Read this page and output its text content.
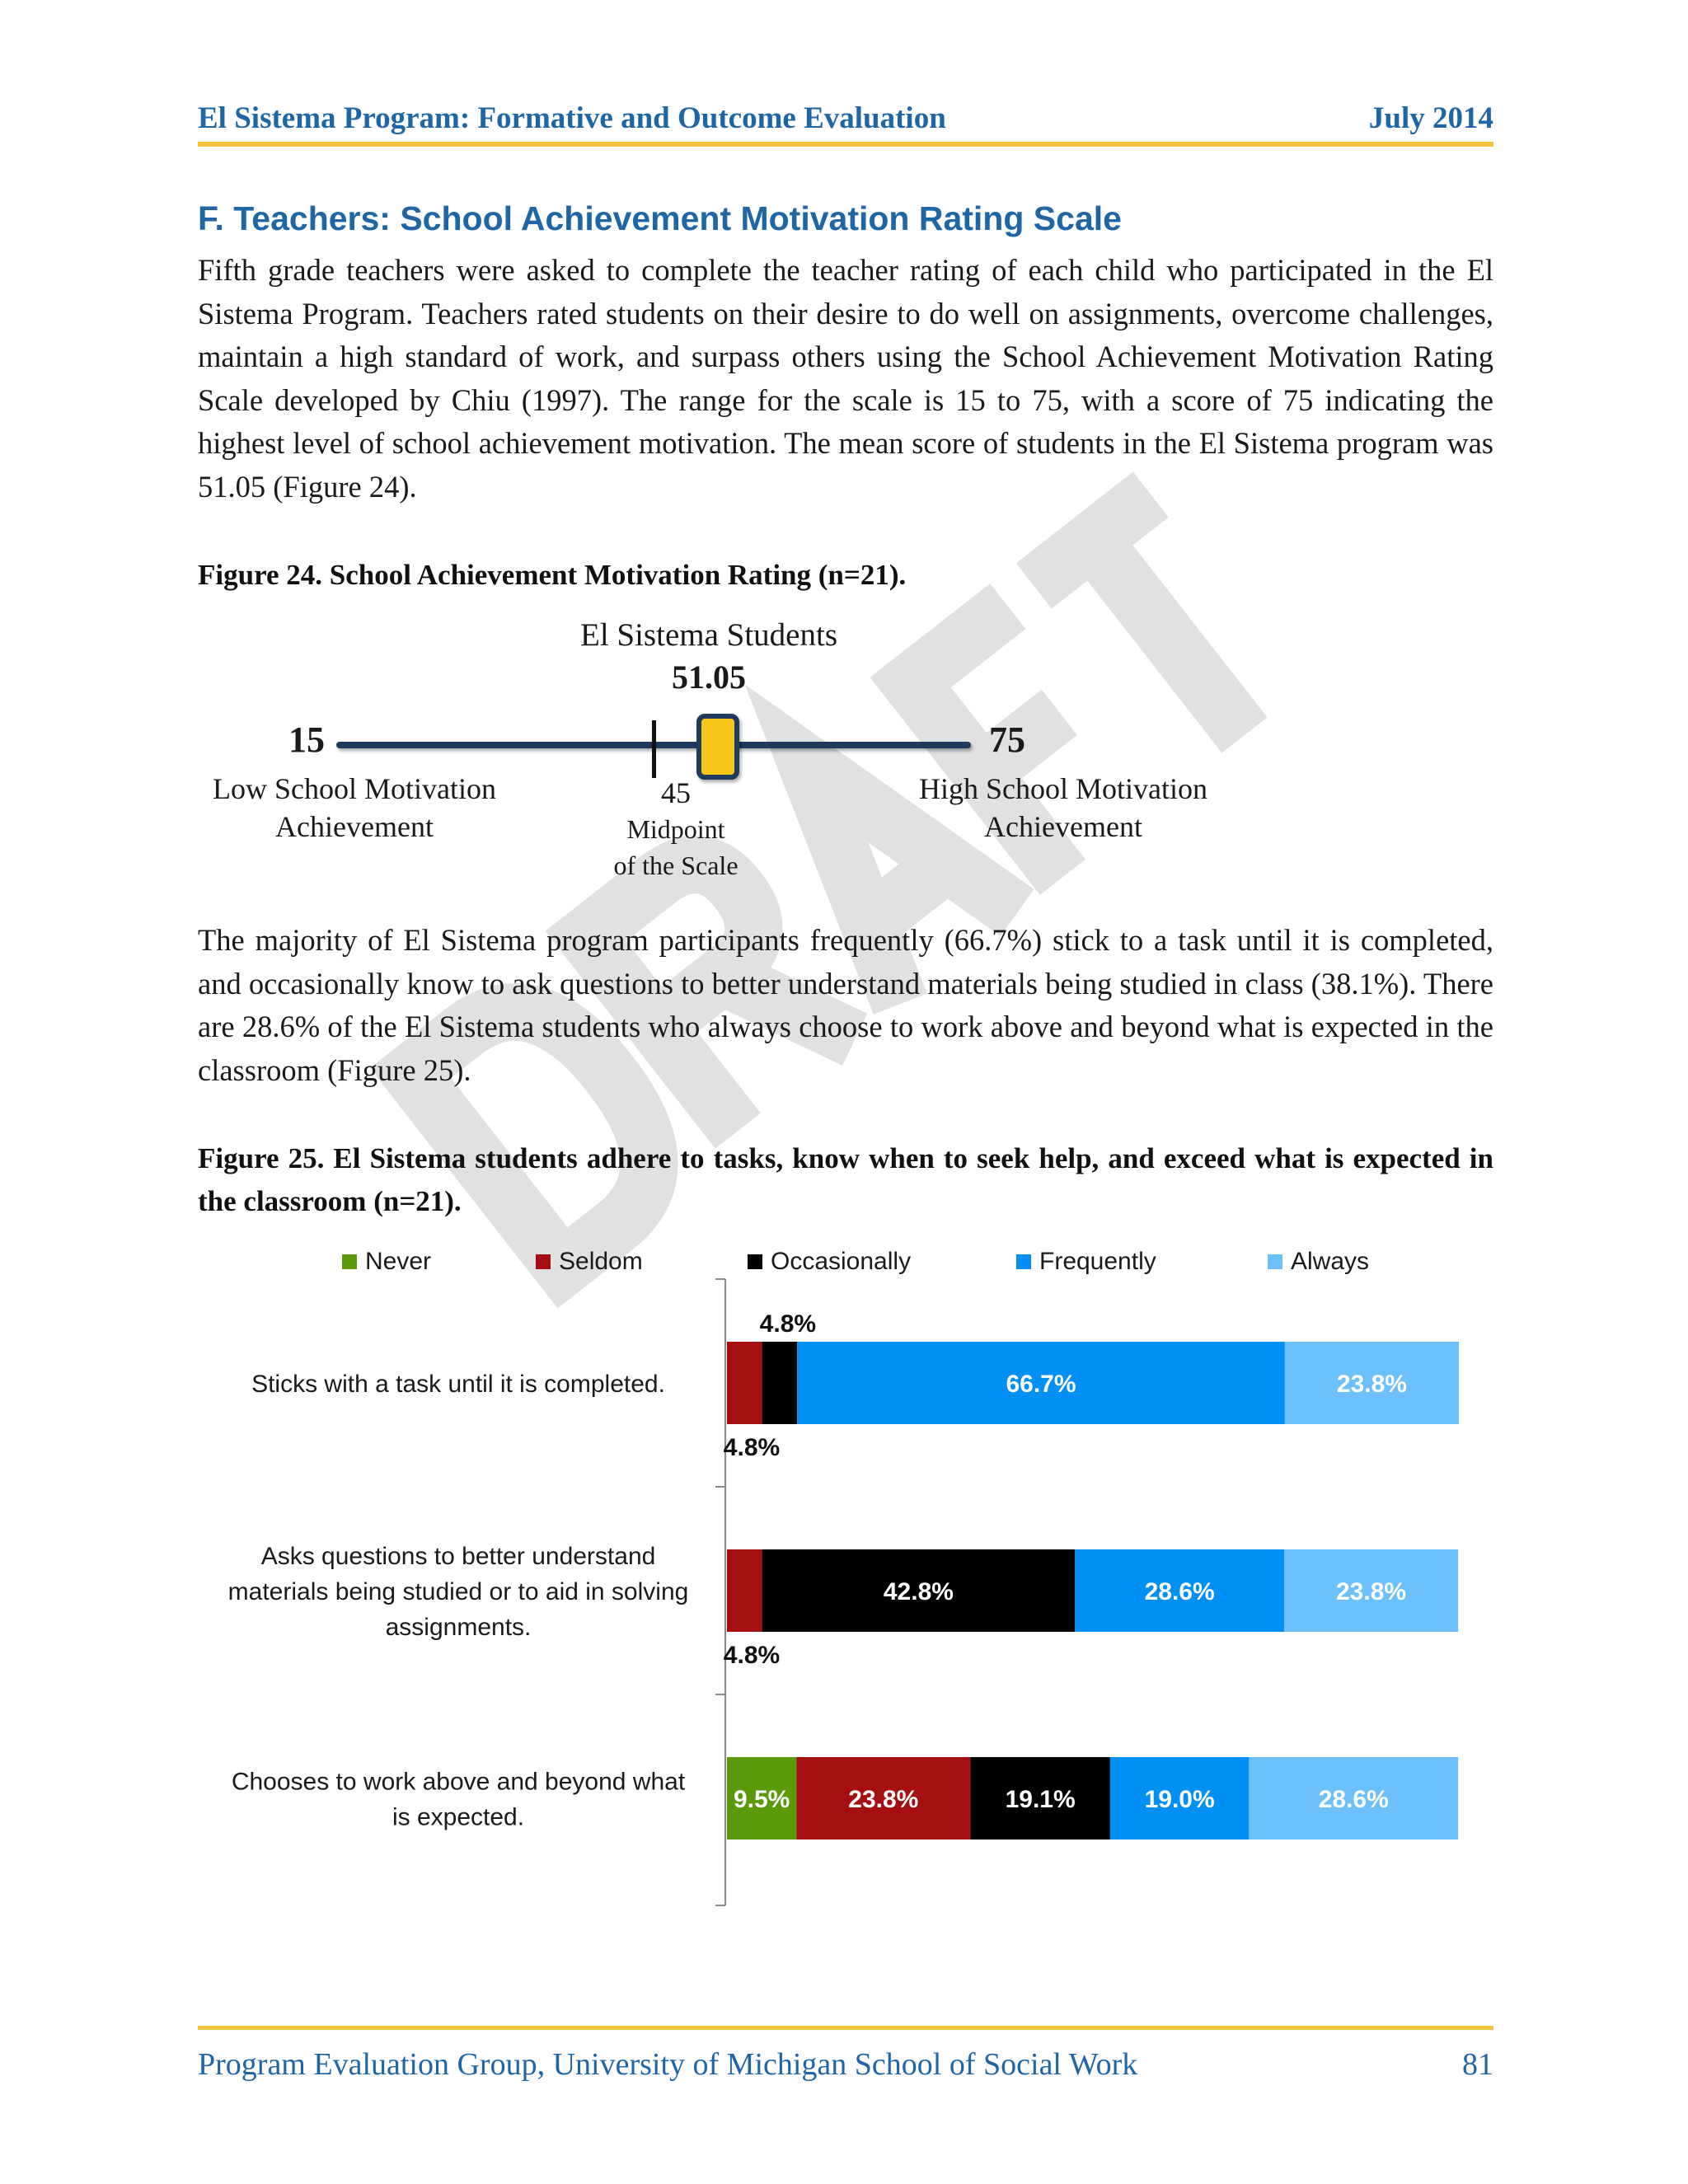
El Sistema Program: Formative and Outcome Evaluation	July 2014
F. Teachers: School Achievement Motivation Rating Scale

Fifth grade teachers were asked to complete the teacher rating of each child who participated in the El Sistema Program. Teachers rated students on their desire to do well on assignments, overcome challenges, maintain a high standard of work, and surpass others using the School Achievement Motivation Rating Scale developed by Chiu (1997). The range for the scale is 15 to 75, with a score of 75 indicating the highest level of school achievement motivation. The mean score of students in the El Sistema program was 51.05 (Figure 24).

Figure 24. School Achievement Motivation Rating (n=21).

El Sistema Students
51.05
15	75
Low School Motivation
Achievement
45
Midpoint
of the Scale
High School Motivation
Achievement

The majority of El Sistema program participants frequently (66.7%) stick to a task until it is completed, and occasionally know to ask questions to better understand materials being studied in class (38.1%). There are 28.6% of the El Sistema students who always choose to work above and beyond what is expected in the classroom (Figure 25).

Figure 25. El Sistema students adhere to tasks, know when to seek help, and exceed what is expected in the classroom (n=21).

Never	Seldom	Occasionally	Frequently	Always
Sticks with a task until it is completed.
Asks questions to better understand
materials being studied or to aid in solving
assignments.
Chooses to work above and beyond what
is expected.
4.8%
4.8%
66.7%	23.8%
4.8%
42.8%	28.6%	23.8%
9.5% 23.8%	19.1%	19.0%	28.6%
Program Evaluation Group, University of Michigan School of Social Work	81
